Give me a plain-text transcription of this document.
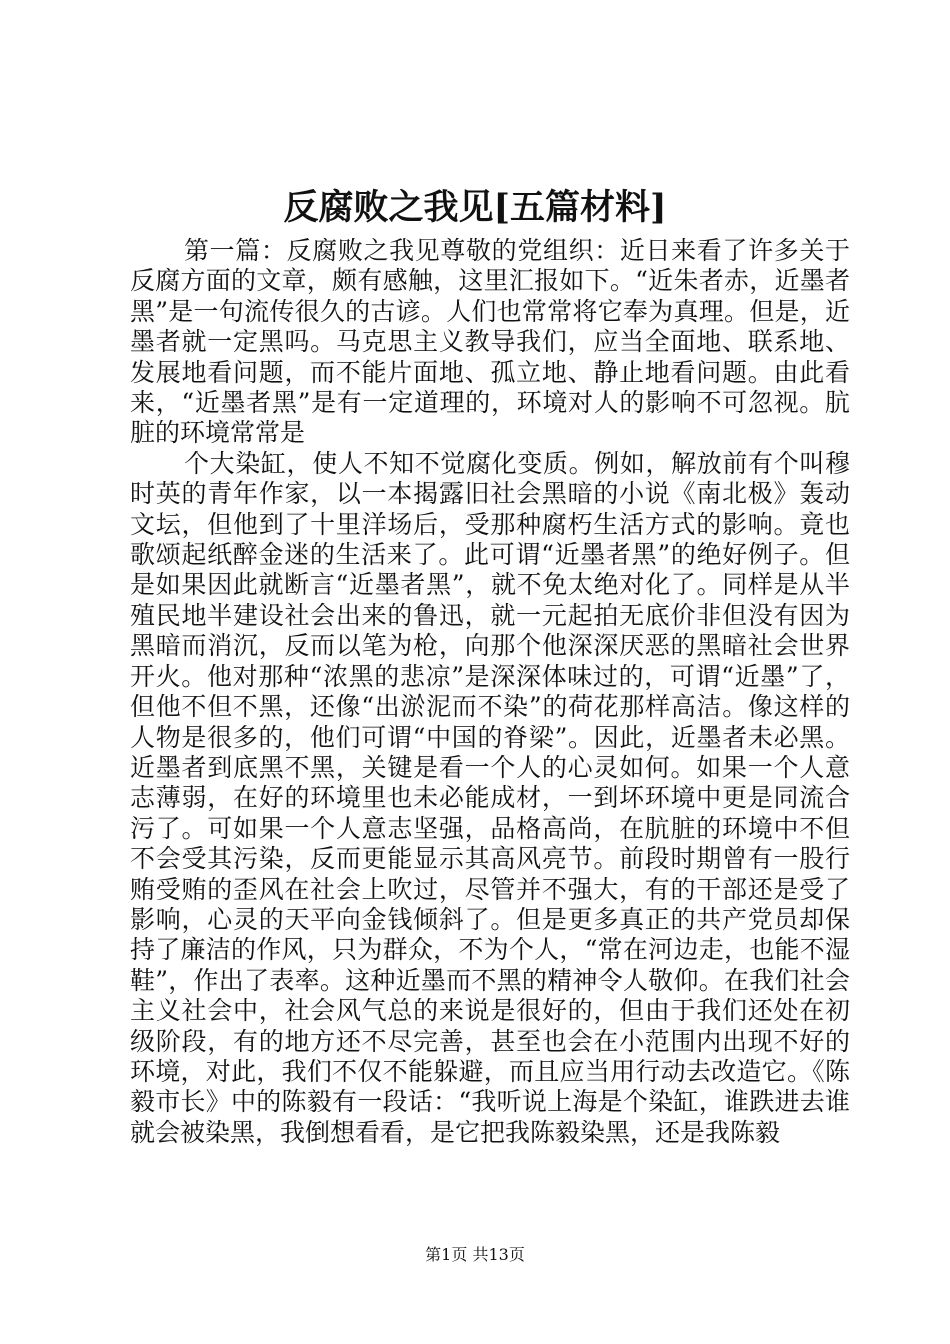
反腐败之我见[五篇材料]

第一篇：反腐败之我见尊敬的党组织：近日来看了许多关于反腐方面的文章，颇有感触，这里汇报如下。“近朱者赤，近墨者黑”是一句流传很久的古谚。人们也常常将它奉为真理。但是，近墨者就一定黑吗。马克思主义教导我们，应当全面地、联系地、发展地看问题，而不能片面地、孤立地、静止地看问题。由此看来，“近墨者黑”是有一定道理的，环境对人的影响不可忽视。肮脏的环境常常是

个大染缸，使人不知不觉腐化变质。例如，解放前有个叫穆时英的青年作家，以一本揭露旧社会黑暗的小说《南北极》轰动文坛，但他到了十里洋场后，受那种腐朽生活方式的影响。竟也歌颂起纸醉金迷的生活来了。此可谓“近墨者黑”的绝好例子。但是如果因此就断言“近墨者黑”，就不免太绝对化了。同样是从半殖民地半建设社会出来的鲁迅，就一元起拍无底价非但没有因为黑暗而消沉，反而以笔为枪，向那个他深深厌恶的黑暗社会世界开火。他对那种“浓黑的悲凉”是深深体味过的，可谓“近墨”了，但他不但不黑，还像“出淤泥而不染”的荷花那样高洁。像这样的人物是很多的，他们可谓“中国的脊梁”。因此，近墨者未必黑。近墨者到底黑不黑，关键是看一个人的心灵如何。如果一个人意志薄弱，在好的环境里也未必能成材，一到坏环境中更是同流合污了。可如果一个人意志坚强，品格高尚，在肮脏的环境中不但不会受其污染，反而更能显示其高风亮节。前段时期曾有一股行贿受贿的歪风在社会上吹过，尽管并不强大，有的干部还是受了影响，心灵的天平向金钱倾斜了。但是更多真正的共产党员却保持了廉洁的作风，只为群众，不为个人，“常在河边走，也能不湿鞋”，作出了表率。这种近墨而不黑的精神令人敬仰。在我们社会主义社会中，社会风气总的来说是很好的，但由于我们还处在初级阶段，有的地方还不尽完善，甚至也会在小范围内出现不好的环境，对此，我们不仅不能躲避，而且应当用行动去改造它。《陈毅市长》中的陈毅有一段话：“我听说上海是个染缸，谁跌进去谁就会被染黑，我倒想看看，是它把我陈毅染黑，还是我陈毅

第1页 共13页
